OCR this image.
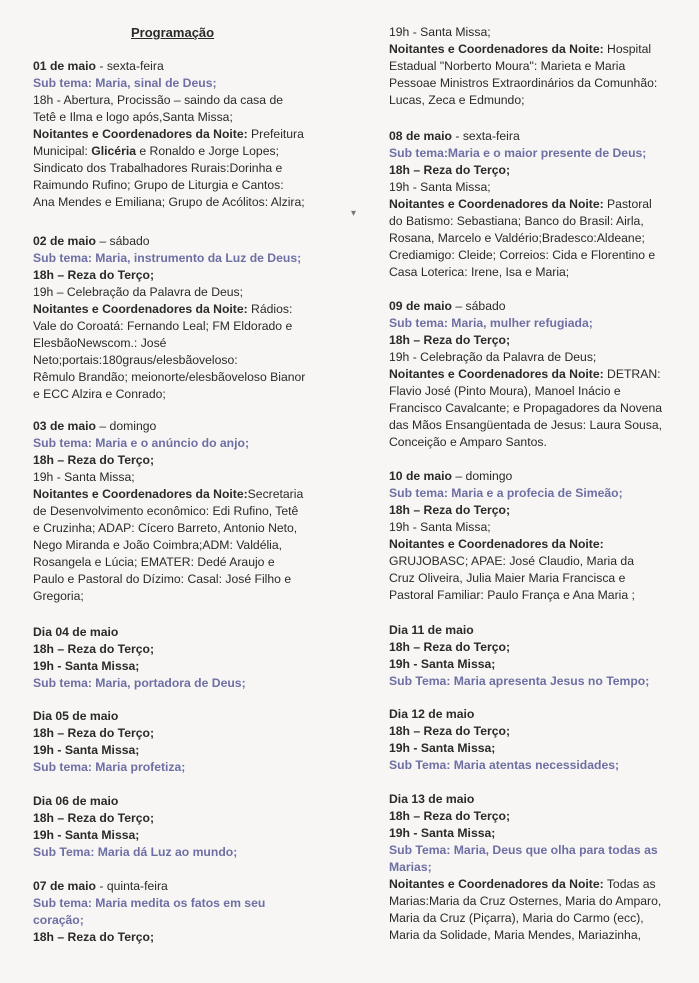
Programação
01 de maio - sexta-feira
Sub tema: Maria, sinal de Deus;
18h - Abertura, Procissão – saindo da casa de
Tetê e Ilma e logo após,Santa Missa;
Noitantes e Coordenadores da Noite: Prefeitura
Municipal: Glicéria e Ronaldo e Jorge Lopes;
Sindicato dos Trabalhadores Rurais:Dorinha e
Raimundo Rufino; Grupo de Liturgia e Cantos:
Ana Mendes e Emiliana; Grupo de Acólitos: Alzira;
02 de maio – sábado
Sub tema: Maria, instrumento da Luz de Deus;
18h – Reza do Terço;
19h – Celebração da Palavra de Deus;
Noitantes e Coordenadores da Noite: Rádios:
Vale do Coroatá: Fernando Leal; FM Eldorado e
ElesbãoNewscom.: José
Neto;portais:180graus/elesbãoveloso:
Rêmulo Brandão; meionorte/elesbãoveloso Bianor
e ECC Alzira e Conrado;
03 de maio – domingo
Sub tema: Maria e o anúncio do anjo;
18h – Reza do Terço;
19h - Santa Missa;
Noitantes e Coordenadores da Noite:Secretaria
de Desenvolvimento econômico: Edi Rufino, Tetê
e Cruzinha; ADAP: Cícero Barreto, Antonio Neto,
Nego Miranda e João Coimbra;ADM: Valdélia,
Rosangela e Lúcia; EMATER: Dedé Araujo e
Paulo e Pastoral do Dízimo: Casal: José Filho e
Gregoria;
Dia 04 de maio
18h – Reza do Terço;
19h - Santa Missa;
Sub tema: Maria, portadora de Deus;
Dia 05 de maio
18h – Reza do Terço;
19h - Santa Missa;
Sub tema: Maria profetiza;
Dia 06 de maio
18h – Reza do Terço;
19h - Santa Missa;
Sub Tema: Maria dá Luz ao mundo;
07 de maio - quinta-feira
Sub tema: Maria medita os fatos em seu
coração;
18h – Reza do Terço;
19h - Santa Missa;
Noitantes e Coordenadores da Noite: Hospital
Estadual "Norberto Moura": Marieta e Maria
Pessoae Ministros Extraordinários da Comunhão:
Lucas, Zeca e Edmundo;
08 de maio - sexta-feira
Sub tema:Maria e o maior presente de Deus;
18h – Reza do Terço;
19h - Santa Missa;
Noitantes e Coordenadores da Noite: Pastoral
do Batismo: Sebastiana; Banco do Brasil: Airla,
Rosana, Marcelo e Valdério;Bradesco:Aldeane;
Crediamigo: Cleide; Correios: Cida e Florentino e
Casa Loterica: Irene, Isa e Maria;
09 de maio – sábado
Sub tema: Maria, mulher refugiada;
18h – Reza do Terço;
19h - Celebração da Palavra de Deus;
Noitantes e Coordenadores da Noite: DETRAN:
Flavio José (Pinto Moura), Manoel Inácio e
Francisco Cavalcante; e Propagadores da Novena
das Mãos Ensangüentada de Jesus: Laura Sousa,
Conceição e Amparo Santos.
10 de maio – domingo
Sub tema: Maria e a profecia de Simeão;
18h – Reza do Terço;
19h - Santa Missa;
Noitantes e Coordenadores da Noite:
GRUJOBASC; APAE: José Claudio, Maria da
Cruz Oliveira, Julia Maier Maria Francisca e
Pastoral Familiar: Paulo França e Ana Maria ;
Dia 11 de maio
18h – Reza do Terço;
19h - Santa Missa;
Sub Tema: Maria apresenta Jesus no Tempo;
Dia 12 de maio
18h – Reza do Terço;
19h - Santa Missa;
Sub Tema: Maria atentas necessidades;
Dia 13 de maio
18h – Reza do Terço;
19h - Santa Missa;
Sub Tema: Maria, Deus que olha para todas as
Marias;
Noitantes e Coordenadores da Noite: Todas as
Marias:Maria da Cruz Osternes, Maria do Amparo,
Maria da Cruz (Piçarra), Maria do Carmo (ecc),
Maria da Solidade, Maria Mendes, Mariazinha,
▾
